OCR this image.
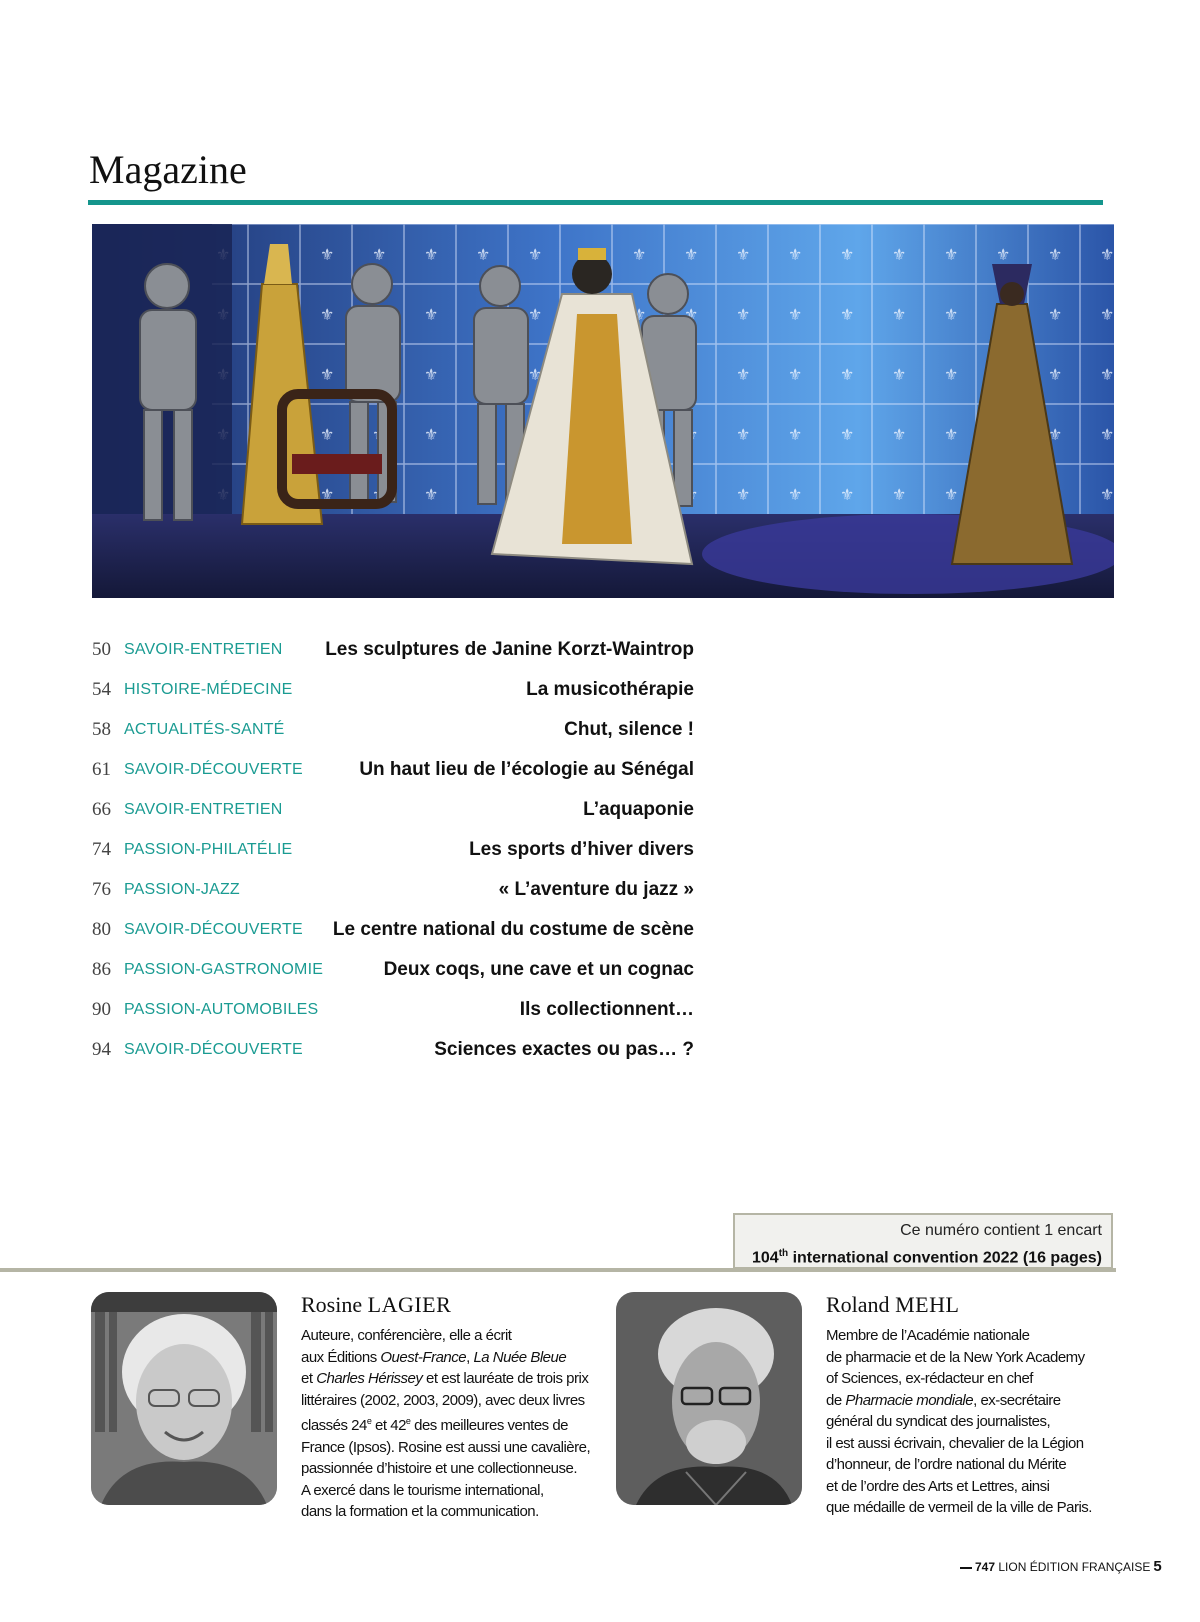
Magazine
50 SAVOIR-ENTRETIEN	Les sculptures de Janine Korzt-Waintrop
54 HISTOIRE-MÉDECINE	La musicothérapie
58 ACTUALITÉS-SANTÉ	Chut, silence !
61 SAVOIR-DÉCOUVERTE	Un haut lieu de l’écologie au Sénégal
66 SAVOIR-ENTRETIEN	L’aquaponie
74 PASSION-PHILATÉLIE	Les sports d’hiver divers
76 PASSION-JAZZ	« L’aventure du jazz »
80 SAVOIR-DÉCOUVERTE	Le centre national du costume de scène
86 PASSION-GASTRONOMIE	Deux coqs, une cave et un cognac
90 PASSION-AUTOMOBILES	Ils collectionnent…
94 SAVOIR-DÉCOUVERTE	Sciences exactes ou pas… ?
Ce numéro contient 1 encart
104th international convention 2022 (16 pages)

Rosine LAGIER

Auteure, conférencière, elle a écrit
aux Éditions Ouest-France, La Nuée Bleue
et Charles Hérissey et est lauréate de trois prix
littéraires (2002, 2003, 2009), avec deux livres
classés 24e et 42e des meilleures ventes de
France (Ipsos). Rosine est aussi une cavalière,
passionnée d’histoire et une collectionneuse.
A exercé dans le tourisme international,
dans la formation et la communication.

Roland MEHL

Membre de l’Académie nationale
de pharmacie et de la New York Academy
of Sciences, ex-rédacteur en chef
de Pharmacie mondiale, ex-secrétaire
général du syndicat des journalistes,
il est aussi écrivain, chevalier de la Légion
d’honneur, de l’ordre national du Mérite
et de l’ordre des Arts et Lettres, ainsi
que médaille de vermeil de la ville de Paris.
747 LION ÉDITION FRANÇAISE 5
